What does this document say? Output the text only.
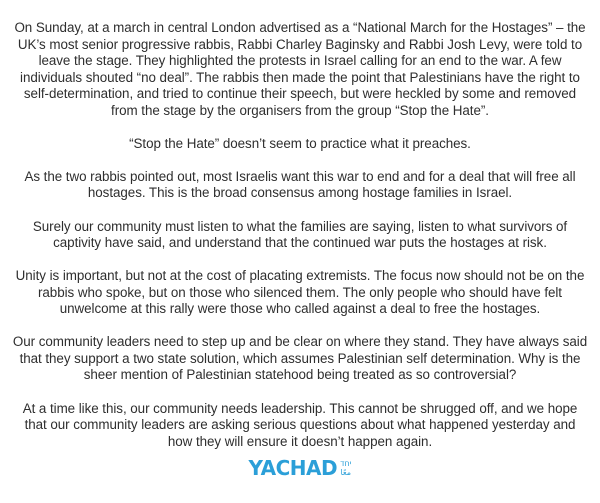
On Sunday, at a march in central London advertised as a “National March for the Hostages” – the UK’s most senior progressive rabbis, Rabbi Charley Baginsky and Rabbi Josh Levy, were told to leave the stage. They highlighted the protests in Israel calling for an end to the war. A few individuals shouted “no deal”. The rabbis then made the point that Palestinians have the right to self-determination, and tried to continue their speech, but were heckled by some and removed from the stage by the organisers from the group “Stop the Hate”.

“Stop the Hate” doesn’t seem to practice what it preaches.

As the two rabbis pointed out, most Israelis want this war to end and for a deal that will free all hostages. This is the broad consensus among hostage families in Israel.

Surely our community must listen to what the families are saying, listen to what survivors of captivity have said, and understand that the continued war puts the hostages at risk.

Unity is important, but not at the cost of placating extremists. The focus now should not be on the rabbis who spoke, but on those who silenced them. The only people who should have felt unwelcome at this rally were those who called against a deal to free the hostages.

Our community leaders need to step up and be clear on where they stand. They have always said that they support a two state solution, which assumes Palestinian self determination. Why is the sheer mention of Palestinian statehood being treated as so controversial?

At a time like this, our community needs leadership. This cannot be shrugged off, and we hope that our community leaders are asking serious questions about what happened yesterday and how they will ensure it doesn’t happen again.

YACHAD יחד
معًا
